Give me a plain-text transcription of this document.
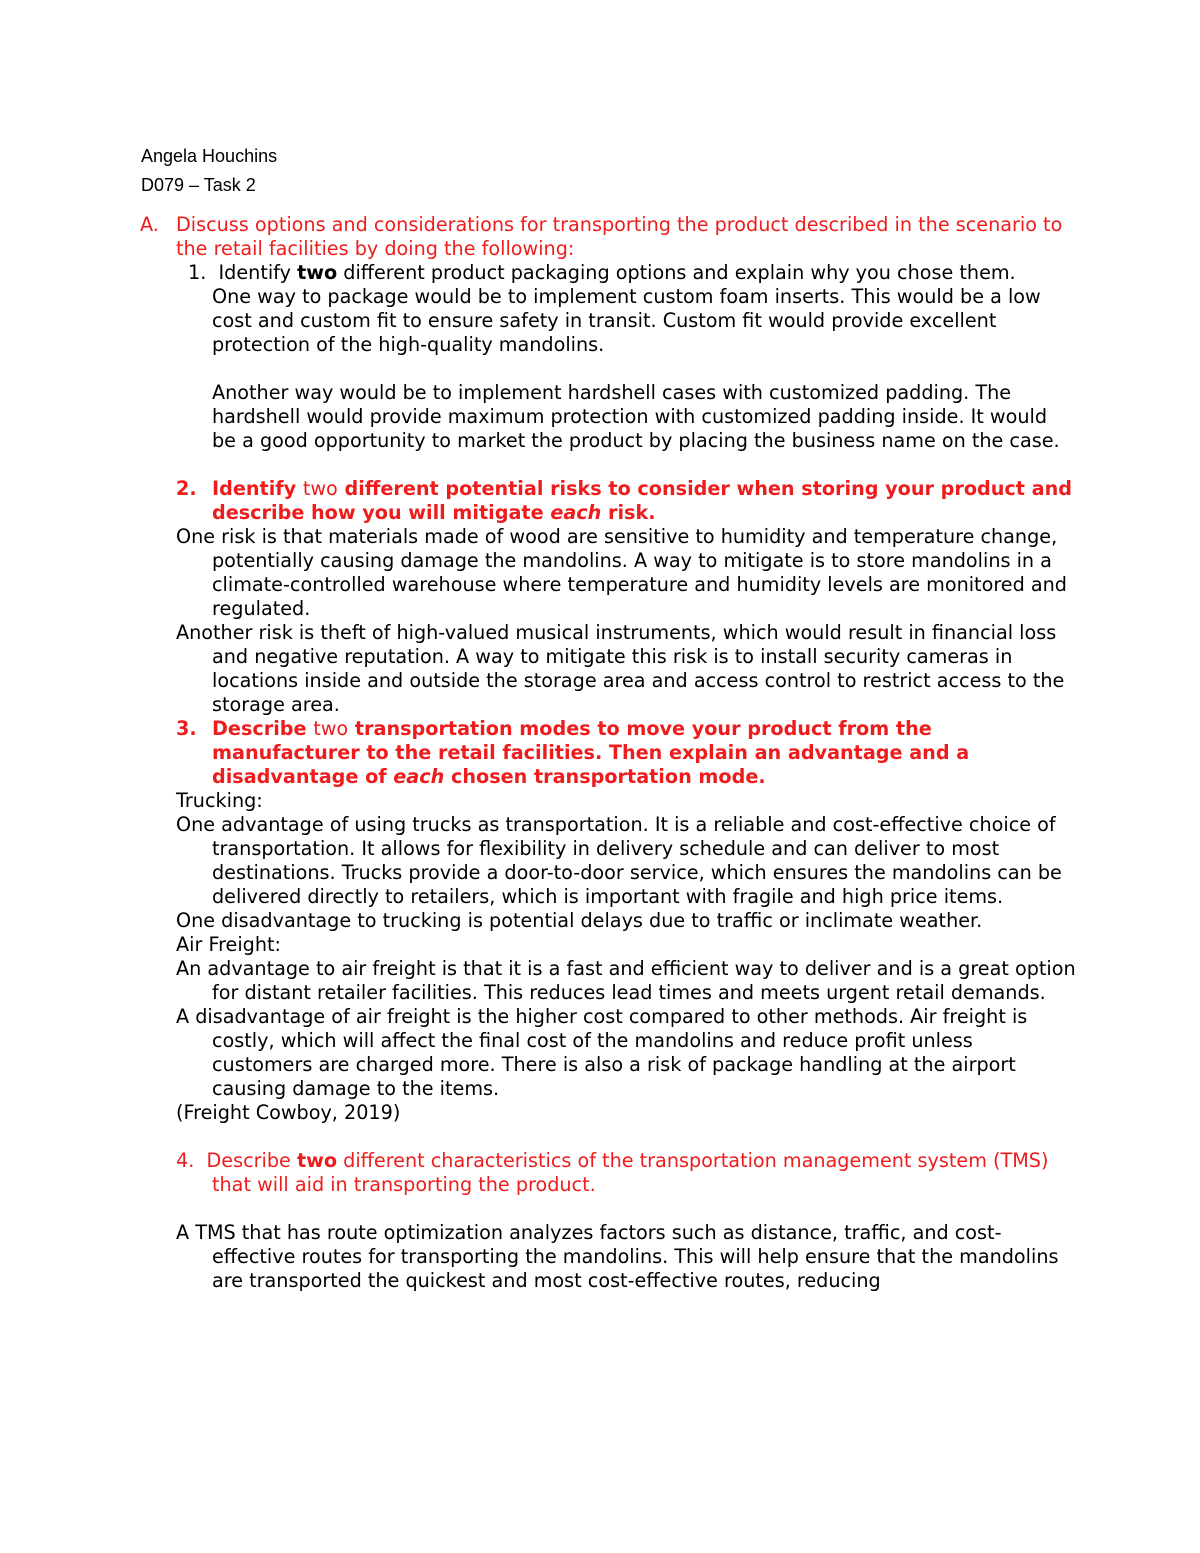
Angela Houchins

D079 – Task 2

A. Discuss options and considerations for transporting the product described in the scenario to the retail facilities by doing the following:

1. Identify two different product packaging options and explain why you chose them.

One way to package would be to implement custom foam inserts. This would be a low cost and custom fit to ensure safety in transit. Custom fit would provide excellent protection of the high-quality mandolins.

Another way would be to implement hardshell cases with customized padding. The hardshell would provide maximum protection with customized padding inside. It would be a good opportunity to market the product by placing the business name on the case.

2. Identify two different potential risks to consider when storing your product and describe how you will mitigate each risk.

One risk is that materials made of wood are sensitive to humidity and temperature change, potentially causing damage the mandolins. A way to mitigate is to store mandolins in a climate-controlled warehouse where temperature and humidity levels are monitored and regulated.

Another risk is theft of high-valued musical instruments, which would result in financial loss and negative reputation. A way to mitigate this risk is to install security cameras in locations inside and outside the storage area and access control to restrict access to the storage area.

3. Describe two transportation modes to move your product from the manufacturer to the retail facilities. Then explain an advantage and a disadvantage of each chosen transportation mode.

Trucking:

One advantage of using trucks as transportation. It is a reliable and cost-effective choice of transportation. It allows for flexibility in delivery schedule and can deliver to most destinations. Trucks provide a door-to-door service, which ensures the mandolins can be delivered directly to retailers, which is important with fragile and high price items.

One disadvantage to trucking is potential delays due to traffic or inclimate weather.

Air Freight:

An advantage to air freight is that it is a fast and efficient way to deliver and is a great option for distant retailer facilities. This reduces lead times and meets urgent retail demands.

A disadvantage of air freight is the higher cost compared to other methods. Air freight is costly, which will affect the final cost of the mandolins and reduce profit unless customers are charged more. There is also a risk of package handling at the airport causing damage to the items.

(Freight Cowboy, 2019)

4. Describe two different characteristics of the transportation management system (TMS) that will aid in transporting the product.

A TMS that has route optimization analyzes factors such as distance, traffic, and cost-effective routes for transporting the mandolins. This will help ensure that the mandolins are transported the quickest and most cost-effective routes, reducing
